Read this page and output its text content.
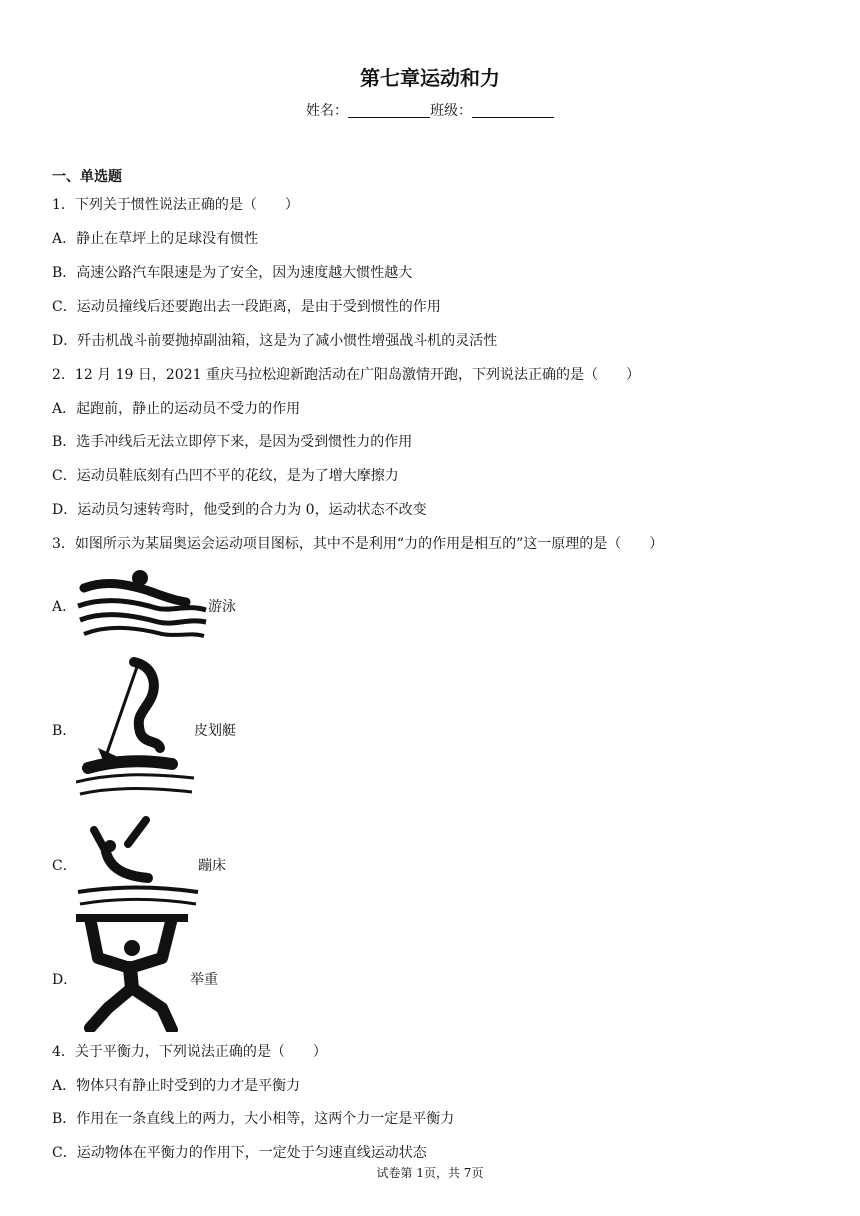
第七章运动和力
姓名：	班级：
一、单选题
1．下列关于惯性说法正确的是（　　）
A．静止在草坪上的足球没有惯性
B．高速公路汽车限速是为了安全，因为速度越大惯性越大
C．运动员撞线后还要跑出去一段距离，是由于受到惯性的作用
D．歼击机战斗前要抛掉副油箱，这是为了减小惯性增强战斗机的灵活性
2．12 月 19 日，2021 重庆马拉松迎新跑活动在广阳岛激情开跑，下列说法正确的是（　　）
A．起跑前，静止的运动员不受力的作用
B．选手冲线后无法立即停下来，是因为受到惯性力的作用
C．运动员鞋底刻有凸凹不平的花纹，是为了增大摩擦力
D．运动员匀速转弯时，他受到的合力为 0，运动状态不改变
3．如图所示为某届奥运会运动项目图标，其中不是利用“力的作用是相互的”这一原理的是（　　）
A．	游泳
B．	皮划艇
C．	蹦床
D．	举重
4．关于平衡力，下列说法正确的是（　　）
A．物体只有静止时受到的力才是平衡力
B．作用在一条直线上的两力，大小相等，这两个力一定是平衡力
C．运动物体在平衡力的作用下，一定处于匀速直线运动状态
试卷第 1页，共 7页
